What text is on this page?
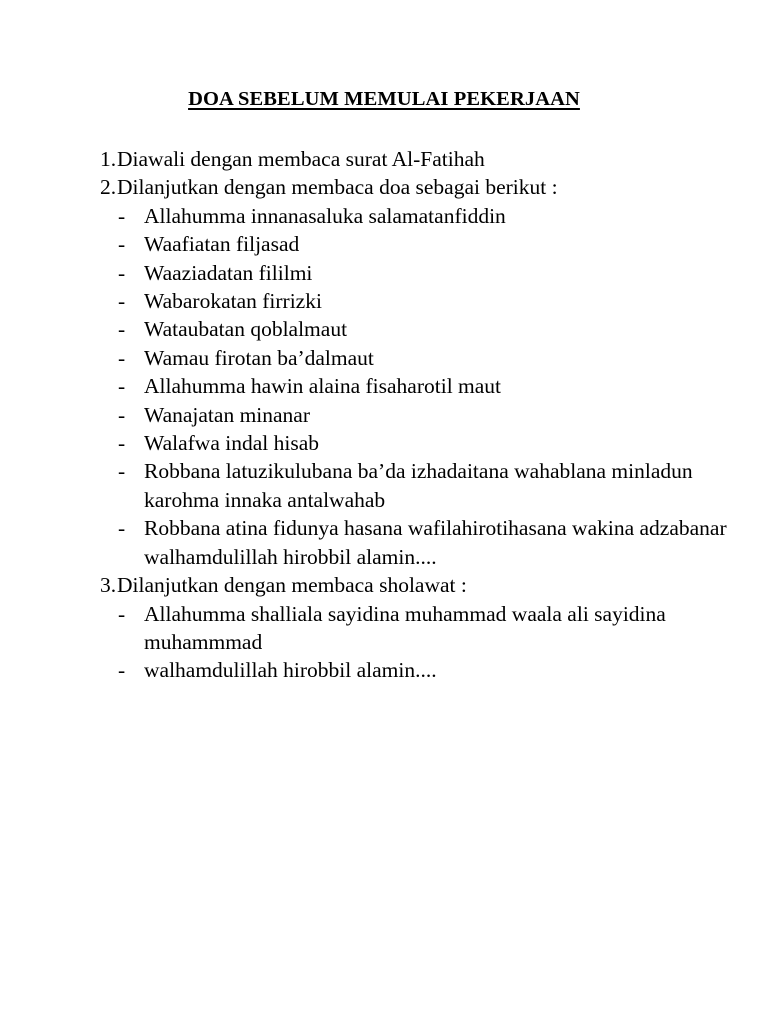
DOA SEBELUM MEMULAI PEKERJAAN
1. Diawali dengan membaca surat Al-Fatihah
2. Dilanjutkan dengan membaca doa sebagai berikut :
- Allahumma innanasaluka salamatanfiddin
- Waafiatan filjasad
- Waaziadatan fililmi
- Wabarokatan firrizki
- Wataubatan qoblalmaut
- Wamau firotan ba’dalmaut
- Allahumma hawin alaina fisaharotil maut
- Wanajatan minanar
- Walafwa indal hisab
- Robbana latuzikulubana ba’da izhadaitana wahablana minladun karohma innaka antalwahab
- Robbana atina fidunya hasana wafilahirotihasana wakina adzabanar walhamdulillah hirobbil alamin....
3. Dilanjutkan dengan membaca sholawat :
- Allahumma shalliala sayidina muhammad waala ali sayidina muhammmad
- walhamdulillah hirobbil alamin....
